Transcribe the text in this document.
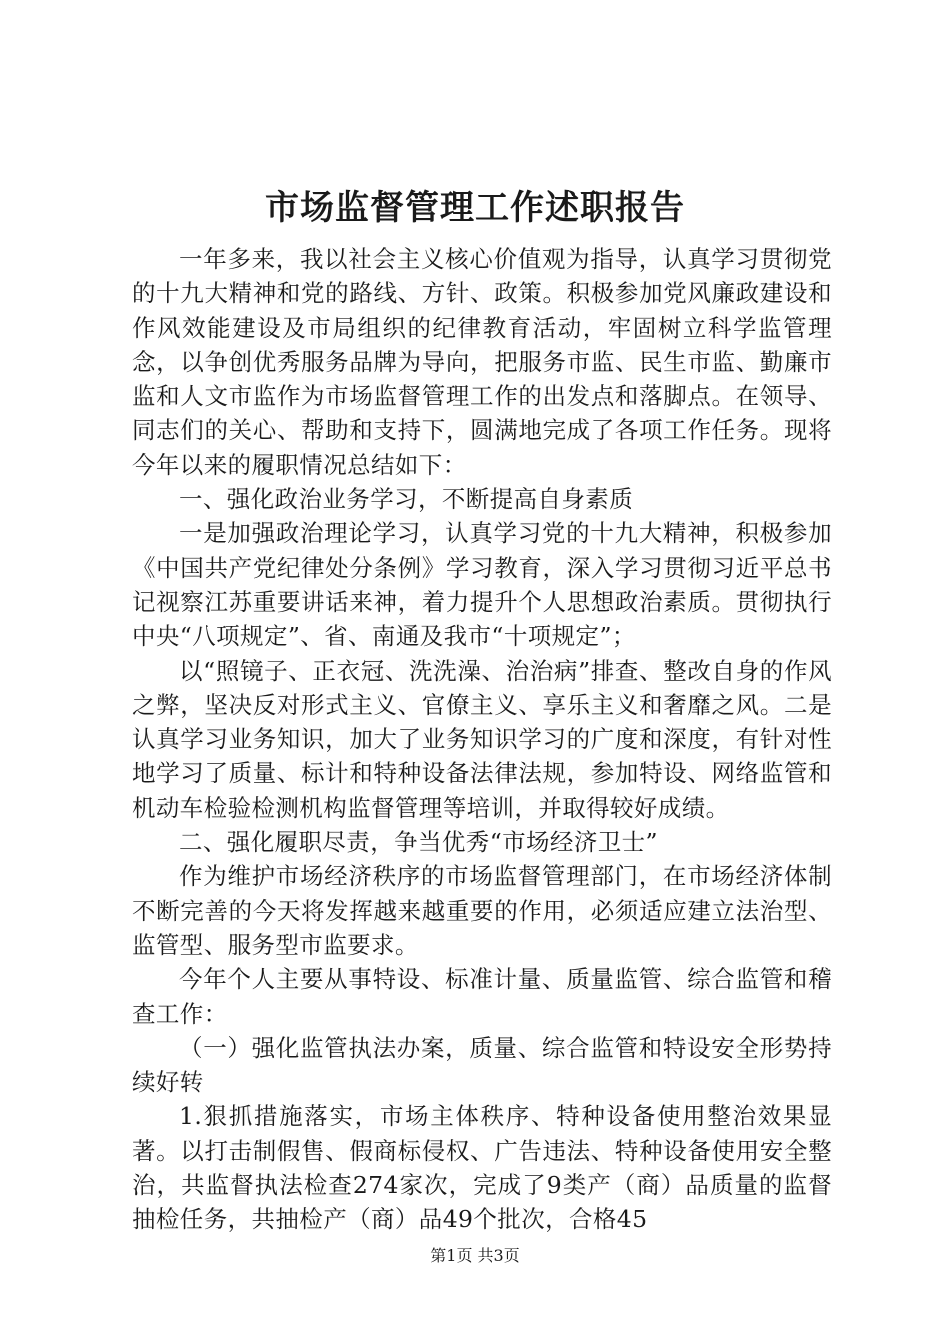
市场监督管理工作述职报告

一年多来，我以社会主义核心价值观为指导，认真学习贯彻党的十九大精神和党的路线、方针、政策。积极参加党风廉政建设和作风效能建设及市局组织的纪律教育活动，牢固树立科学监管理念，以争创优秀服务品牌为导向，把服务市监、民生市监、勤廉市监和人文市监作为市场监督管理工作的出发点和落脚点。在领导、同志们的关心、帮助和支持下，圆满地完成了各项工作任务。现将今年以来的履职情况总结如下：

一、强化政治业务学习，不断提高自身素质

一是加强政治理论学习，认真学习党的十九大精神，积极参加《中国共产党纪律处分条例》学习教育，深入学习贯彻习近平总书记视察江苏重要讲话来神，着力提升个人思想政治素质。贯彻执行中央“八项规定”、省、南通及我市“十项规定”；

以“照镜子、正衣冠、洗洗澡、治治病”排查、整改自身的作风之弊，坚决反对形式主义、官僚主义、享乐主义和奢靡之风。二是认真学习业务知识，加大了业务知识学习的广度和深度，有针对性地学习了质量、标计和特种设备法律法规，参加特设、网络监管和机动车检验检测机构监督管理等培训，并取得较好成绩。

二、强化履职尽责，争当优秀“市场经济卫士”

作为维护市场经济秩序的市场监督管理部门，在市场经济体制不断完善的今天将发挥越来越重要的作用，必须适应建立法治型、监管型、服务型市监要求。

今年个人主要从事特设、标准计量、质量监管、综合监管和稽查工作：

（一）强化监管执法办案，质量、综合监管和特设安全形势持续好转

1.狠抓措施落实，市场主体秩序、特种设备使用整治效果显著。以打击制假售、假商标侵权、广告违法、特种设备使用安全整治，共监督执法检查274家次，完成了9类产（商）品质量的监督抽检任务，共抽检产（商）品49个批次，合格45

第1页 共3页
